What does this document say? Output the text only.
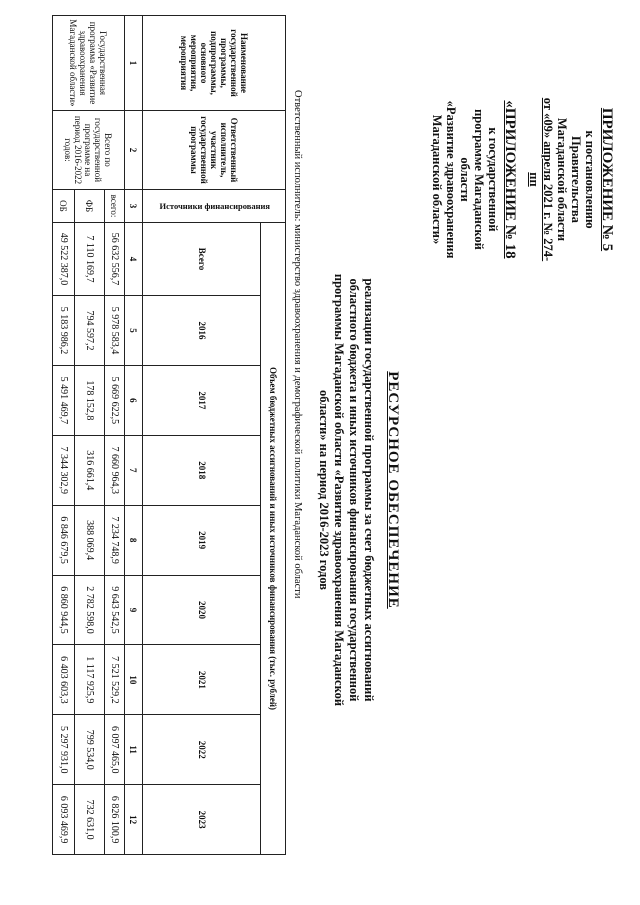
ПРИЛОЖЕНИЕ № 5

к постановлению Правительства

Магаданской области

от «09» апреля 2021 г. № 274-пп

«ПРИЛОЖЕНИЕ № 18

к государственной

программе Магаданской области

«Развитие здравоохранения

Магаданской области»

РЕСУРСНОЕ ОБЕСПЕЧЕНИЕ
реализации государственной программы за счет бюджетных ассигнований областного бюджета и иных источников финансирования государственной программы Магаданской области «Развитие здравоохранения Магаданской области» на период 2016-2023 годов
Ответственный исполнитель: министерство здравоохранения и демографической политики Магаданской области
Наименование государственной программы, подпрограммы, основного мероприятия, мероприятия	Ответственный исполнитель, участник государственной программы	Источники финансирования	Объем бюджетных ассигнований и иных источников финансирования (тыс. рублей)								
			Всего	2016	2017	2018	2019	2020	2021	2022	2023
1	2	3	4	5	6	7	8	9	10	11	12
Государственная программа «Развитие здравоохранения Магаданской области»	Всего по государственной программе на период 2016-2022 годов:	всего:	56 632 556,7	5 978 583,4	5 669 622,5	7 660 964,3	7 234 748,9	9 643 542,5	7 521 529,2	6 097 465,0	6 826 100,9
		ФБ	7 110 169,7	794 597,2	178 152,8	316 661,4	388 069,4	2 782 598,0	1 117 925,9	799 534,0	732 631,0
		ОБ	49 522 387,0	5 183 986,2	5 491 469,7	7 344 302,9	6 846 679,5	6 860 944,5	6 403 603,3	5 297 931,0	6 093 469,9
